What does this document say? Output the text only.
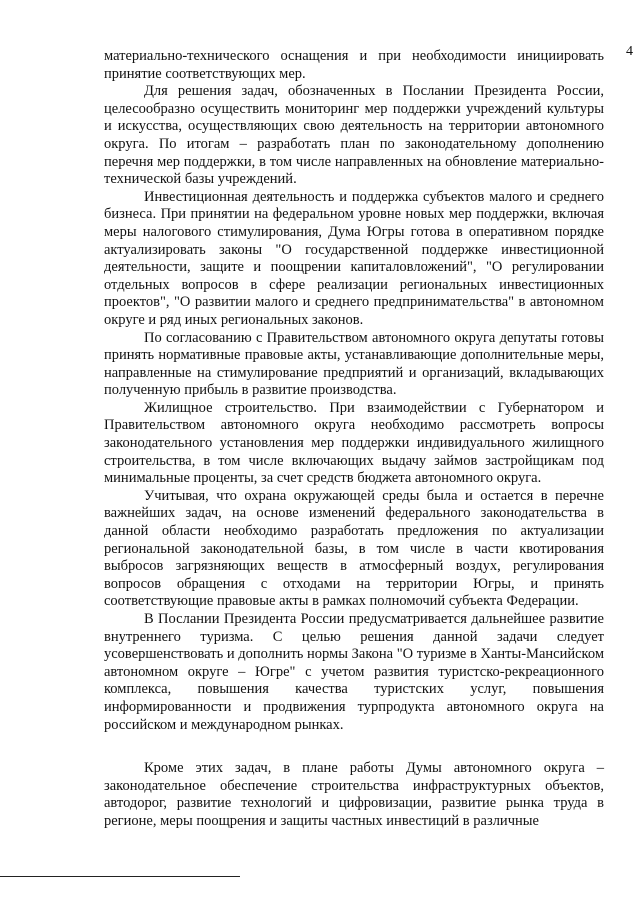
4

материально-технического оснащения и при необходимости инициировать принятие соответствующих мер.

Для решения задач, обозначенных в Послании Президента России, целесообразно осуществить мониторинг мер поддержки учреждений культуры и искусства, осуществляющих свою деятельность на территории автономного округа. По итогам – разработать план по законодательному дополнению перечня мер поддержки, в том числе направленных на обновление материально-технической базы учреждений.

Инвестиционная деятельность и поддержка субъектов малого и среднего бизнеса. При принятии на федеральном уровне новых мер поддержки, включая меры налогового стимулирования, Дума Югры готова в оперативном порядке актуализировать законы "О государственной поддержке инвестиционной деятельности, защите и поощрении капиталовложений", "О регулировании отдельных вопросов в сфере реализации региональных инвестиционных проектов", "О развитии малого и среднего предпринимательства" в автономном округе и ряд иных региональных законов.

По согласованию с Правительством автономного округа депутаты готовы принять нормативные правовые акты, устанавливающие дополнительные меры, направленные на стимулирование предприятий и организаций, вкладывающих полученную прибыль в развитие производства.

Жилищное строительство. При взаимодействии с Губернатором и Правительством автономного округа необходимо рассмотреть вопросы законодательного установления мер поддержки индивидуального жилищного строительства, в том числе включающих выдачу займов застройщикам под минимальные проценты, за счет средств бюджета автономного округа.

Учитывая, что охрана окружающей среды была и остается в перечне важнейших задач, на основе изменений федерального законодательства в данной области необходимо разработать предложения по актуализации региональной законодательной базы, в том числе в части квотирования выбросов загрязняющих веществ в атмосферный воздух, регулирования вопросов обращения с отходами на территории Югры, и принять соответствующие правовые акты в рамках полномочий субъекта Федерации.

В Послании Президента России предусматривается дальнейшее развитие внутреннего туризма. С целью решения данной задачи следует усовершенствовать и дополнить нормы Закона "О туризме в Ханты-Мансийском автономном округе – Югре" с учетом развития туристско-рекреационного комплекса, повышения качества туристских услуг, повышения информированности и продвижения турпродукта автономного округа на российском и международном рынках.

Кроме этих задач, в плане работы Думы автономного округа – законодательное обеспечение строительства инфраструктурных объектов, автодорог, развитие технологий и цифровизации, развитие рынка труда в регионе, меры поощрения и защиты частных инвестиций в различные
